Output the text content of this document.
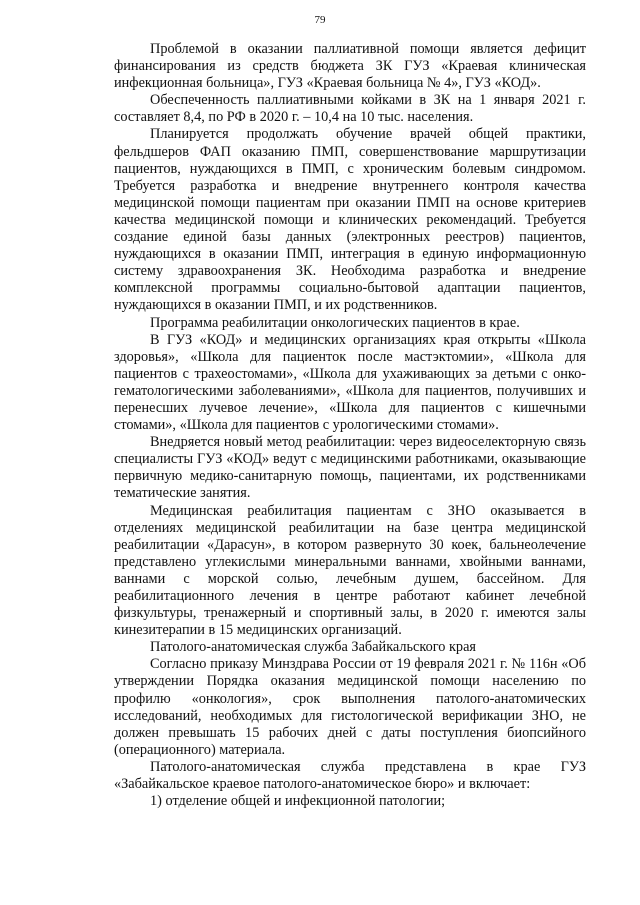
79

Проблемой в оказании паллиативной помощи является дефицит финансирования из средств бюджета ЗК ГУЗ «Краевая клиническая инфекционная больница», ГУЗ «Краевая больница № 4», ГУЗ «КОД».

Обеспеченность паллиативными койками в ЗК на 1 января 2021 г. составляет 8,4, по РФ в 2020 г. – 10,4 на 10 тыс. населения.

Планируется продолжать обучение врачей общей практики, фельдшеров ФАП оказанию ПМП, совершенствование маршрутизации пациентов, нуждающихся в ПМП, с хроническим болевым синдромом. Требуется разработка и внедрение внутреннего контроля качества медицинской помощи пациентам при оказании ПМП на основе критериев качества медицинской помощи и клинических рекомендаций. Требуется создание единой базы данных (электронных реестров) пациентов, нуждающихся в оказании ПМП, интеграция в единую информационную систему здравоохранения ЗК. Необходима разработка и внедрение комплексной программы социально-бытовой адаптации пациентов, нуждающихся в оказании ПМП, и их родственников.

Программа реабилитации онкологических пациентов в крае.

В ГУЗ «КОД» и медицинских организациях края открыты «Школа здоровья», «Школа для пациенток после мастэктомии», «Школа для пациентов с трахеостомами», «Школа для ухаживающих за детьми с онко-гематологическими заболеваниями», «Школа для пациентов, получивших и перенесших лучевое лечение», «Школа для пациентов с кишечными стомами», «Школа для пациентов с урологическими стомами».

Внедряется новый метод реабилитации: через видеоселекторную связь специалисты ГУЗ «КОД» ведут с медицинскими работниками, оказывающие первичную медико-санитарную помощь, пациентами, их родственниками тематические занятия.

Медицинская реабилитация пациентам с ЗНО оказывается в отделениях медицинской реабилитации на базе центра медицинской реабилитации «Дарасун», в котором развернуто 30 коек, бальнеолечение представлено углекислыми минеральными ваннами, хвойными ваннами, ваннами с морской солью, лечебным душем, бассейном. Для реабилитационного лечения в центре работают кабинет лечебной физкультуры, тренажерный и спортивный залы, в 2020 г. имеются залы кинезитерапии в 15 медицинских организаций.

Патолого-анатомическая служба Забайкальского края

Согласно приказу Минздрава России от 19 февраля 2021 г. № 116н «Об утверждении Порядка оказания медицинской помощи населению по профилю «онкология», срок выполнения патолого-анатомических исследований, необходимых для гистологической верификации ЗНО, не должен превышать 15 рабочих дней с даты поступления биопсийного (операционного) материала.

Патолого-анатомическая служба представлена в крае ГУЗ «Забайкальское краевое патолого-анатомическое бюро» и включает:

1) отделение общей и инфекционной патологии;
